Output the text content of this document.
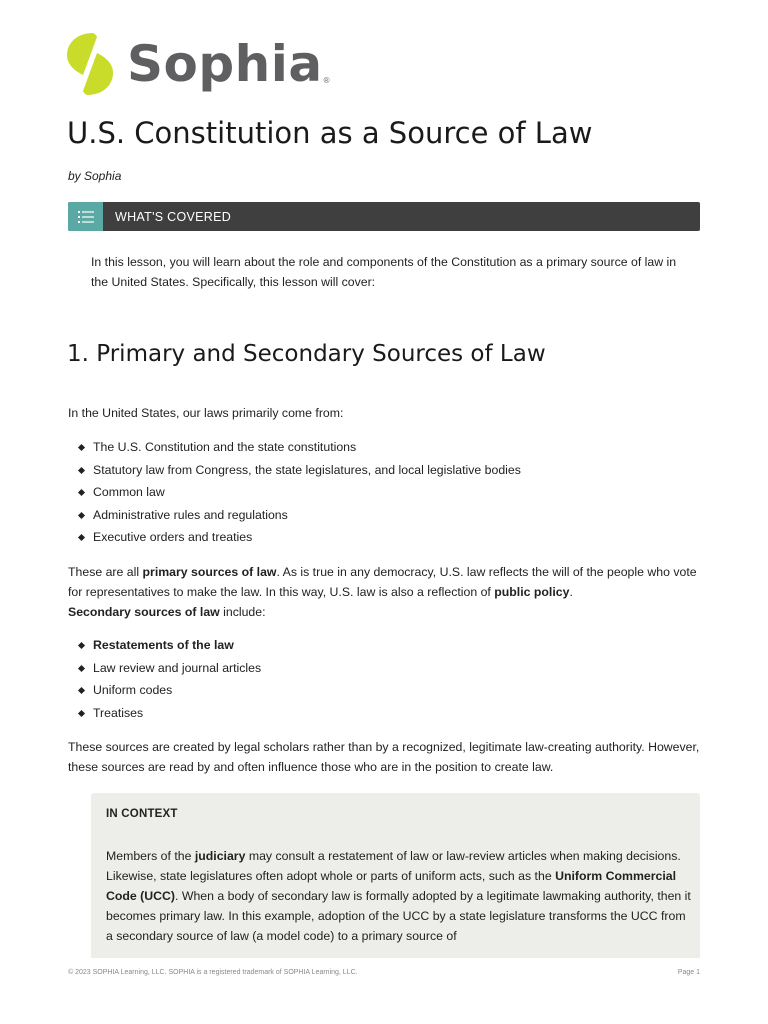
Sophia ®
U.S. Constitution as a Source of Law
by Sophia
WHAT'S COVERED

In this lesson, you will learn about the role and components of the Constitution as a primary source of law in the United States. Specifically, this lesson will cover:

1. Primary and Secondary Sources of Law

In the United States, our laws primarily come from:

The U.S. Constitution and the state constitutions
Statutory law from Congress, the state legislatures, and local legislative bodies
Common law
Administrative rules and regulations
Executive orders and treaties

These are all primary sources of law. As is true in any democracy, U.S. law reflects the will of the people who vote for representatives to make the law. In this way, U.S. law is also a reflection of public policy.
Secondary sources of law include:

Restatements of the law
Law review and journal articles
Uniform codes
Treatises

These sources are created by legal scholars rather than by a recognized, legitimate law-creating authority. However, these sources are read by and often influence those who are in the position to create law.

IN CONTEXT

Members of the judiciary may consult a restatement of law or law-review articles when making decisions. Likewise, state legislatures often adopt whole or parts of uniform acts, such as the Uniform Commercial Code (UCC). When a body of secondary law is formally adopted by a legitimate lawmaking authority, then it becomes primary law. In this example, adoption of the UCC by a state legislature transforms the UCC from a secondary source of law (a model code) to a primary source of

© 2023 SOPHIA Learning, LLC. SOPHIA is a registered trademark of SOPHIA Learning, LLC.	Page 1
